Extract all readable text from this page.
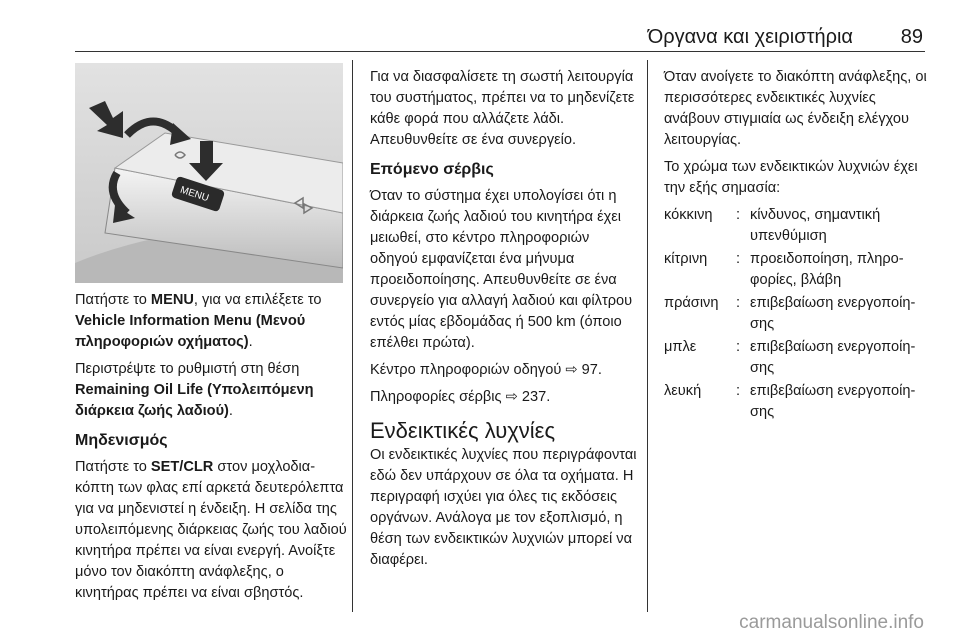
Όργανα και χειριστήρια 89
MENU

Πατήστε το MENU, για να επιλέξετε το Vehicle Information Menu (Μενού πληροφοριών οχήματος).

Περιστρέψτε το ρυθμιστή στη θέση Remaining Oil Life (Υπολειπόμενη διάρκεια ζωής λαδιού).

Μηδενισμός

Πατήστε το SET/CLR στον μοχλοδιακόπτη των φλας επί αρκετά δευτερόλεπτα για να μηδενιστεί η ένδειξη. Η σελίδα της υπολειπόμενης διάρκειας ζωής του λαδιού κινητήρα πρέπει να είναι ενεργή. Ανοίξτε μόνο τον διακόπτη ανάφλεξης, ο κινητήρας πρέπει να είναι σβηστός.

Για να διασφαλίσετε τη σωστή λειτουργία του συστήματος, πρέπει να το μηδενίζετε κάθε φορά που αλλάζετε λάδι. Απευθυνθείτε σε ένα συνεργείο.

Επόμενο σέρβις

Όταν το σύστημα έχει υπολογίσει ότι η διάρκεια ζωής λαδιού του κινητήρα έχει μειωθεί, στο κέντρο πληροφοριών οδηγού εμφανίζεται ένα μήνυμα προειδοποίησης. Απευθυνθείτε σε ένα συνεργείο για αλλαγή λαδιού και φίλτρου εντός μίας εβδομάδας ή 500 km (όποιο επέλθει πρώτα).

Κέντρο πληροφοριών οδηγού ⇨ 97.

Πληροφορίες σέρβις ⇨ 237.

Ενδεικτικές λυχνίες

Οι ενδεικτικές λυχνίες που περιγράφονται εδώ δεν υπάρχουν σε όλα τα οχήματα. Η περιγραφή ισχύει για όλες τις εκδόσεις οργάνων. Ανάλογα με τον εξοπλισμό, η θέση των ενδεικτικών λυχνιών μπορεί να διαφέρει.

Όταν ανοίγετε το διακόπτη ανάφλεξης, οι περισσότερες ενδεικτικές λυχνίες ανάβουν στιγμιαία ως ένδειξη ελέγχου λειτουργίας.

Το χρώμα των ενδεικτικών λυχνιών έχει την εξής σημασία:

κόκκινη	: κίνδυνος, σημαντική υπενθύμιση
κίτρινη	: προειδοποίηση, πληροφορίες, βλάβη
πράσινη	: επιβεβαίωση ενεργοποίησης
μπλε	: επιβεβαίωση ενεργοποίησης
λευκή	: επιβεβαίωση ενεργοποίησης
carmanualsonline.info
